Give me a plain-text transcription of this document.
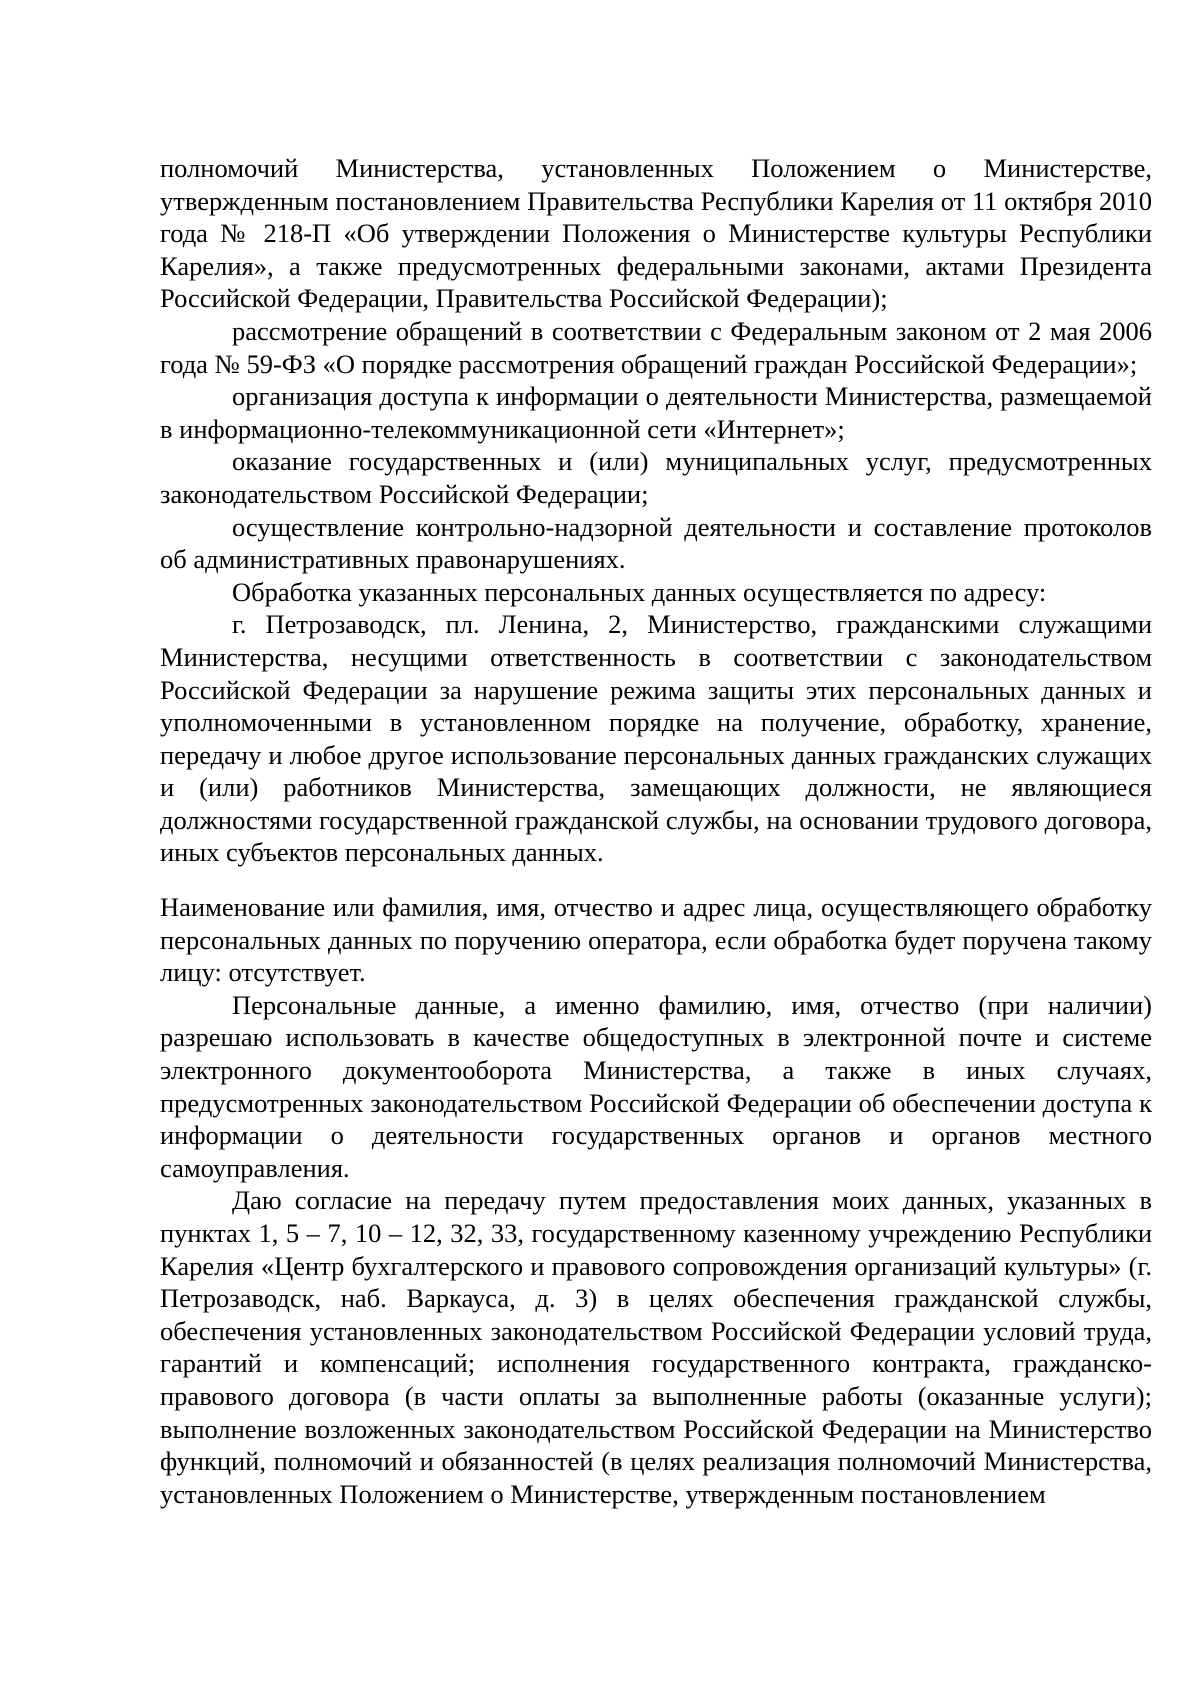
полномочий Министерства, установленных Положением о Министерстве, утвержденным постановлением Правительства Республики Карелия от 11 октября 2010 года № 218-П «Об утверждении Положения о Министерстве культуры Республики Карелия», а также предусмотренных федеральными законами, актами Президента Российской Федерации, Правительства Российской Федерации);

рассмотрение обращений в соответствии с Федеральным законом от 2 мая 2006 года № 59-ФЗ «О порядке рассмотрения обращений граждан Российской Федерации»;

организация доступа к информации о деятельности Министерства, размещаемой в информационно-телекоммуникационной сети «Интернет»;

оказание государственных и (или) муниципальных услуг, предусмотренных законодательством Российской Федерации;

осуществление контрольно-надзорной деятельности и составление протоколов об административных правонарушениях.

Обработка указанных персональных данных осуществляется по адресу:

г. Петрозаводск, пл. Ленина, 2, Министерство, гражданскими служащими Министерства, несущими ответственность в соответствии с законодательством Российской Федерации за нарушение режима защиты этих персональных данных и уполномоченными в установленном порядке на получение, обработку, хранение, передачу и любое другое использование персональных данных гражданских служащих и (или) работников Министерства, замещающих должности, не являющиеся должностями государственной гражданской службы, на основании трудового договора, иных субъектов персональных данных.

Наименование или фамилия, имя, отчество и адрес лица, осуществляющего обработку персональных данных по поручению оператора, если обработка будет поручена такому лицу: отсутствует.

Персональные данные, а именно фамилию, имя, отчество (при наличии) разрешаю использовать в качестве общедоступных в электронной почте и системе электронного документооборота Министерства, а также в иных случаях, предусмотренных законодательством Российской Федерации об обеспечении доступа к информации о деятельности государственных органов и органов местного самоуправления.

Даю согласие на передачу путем предоставления моих данных, указанных в пунктах 1, 5 – 7, 10 – 12, 32, 33, государственному казенному учреждению Республики Карелия «Центр бухгалтерского и правового сопровождения организаций культуры» (г. Петрозаводск, наб. Варкауса, д. 3) в целях обеспечения гражданской службы, обеспечения установленных законодательством Российской Федерации условий труда, гарантий и компенсаций; исполнения государственного контракта, гражданско-правового договора (в части оплаты за выполненные работы (оказанные услуги); выполнение возложенных законодательством Российской Федерации на Министерство функций, полномочий и обязанностей (в целях реализация полномочий Министерства, установленных Положением о Министерстве, утвержденным постановлением
